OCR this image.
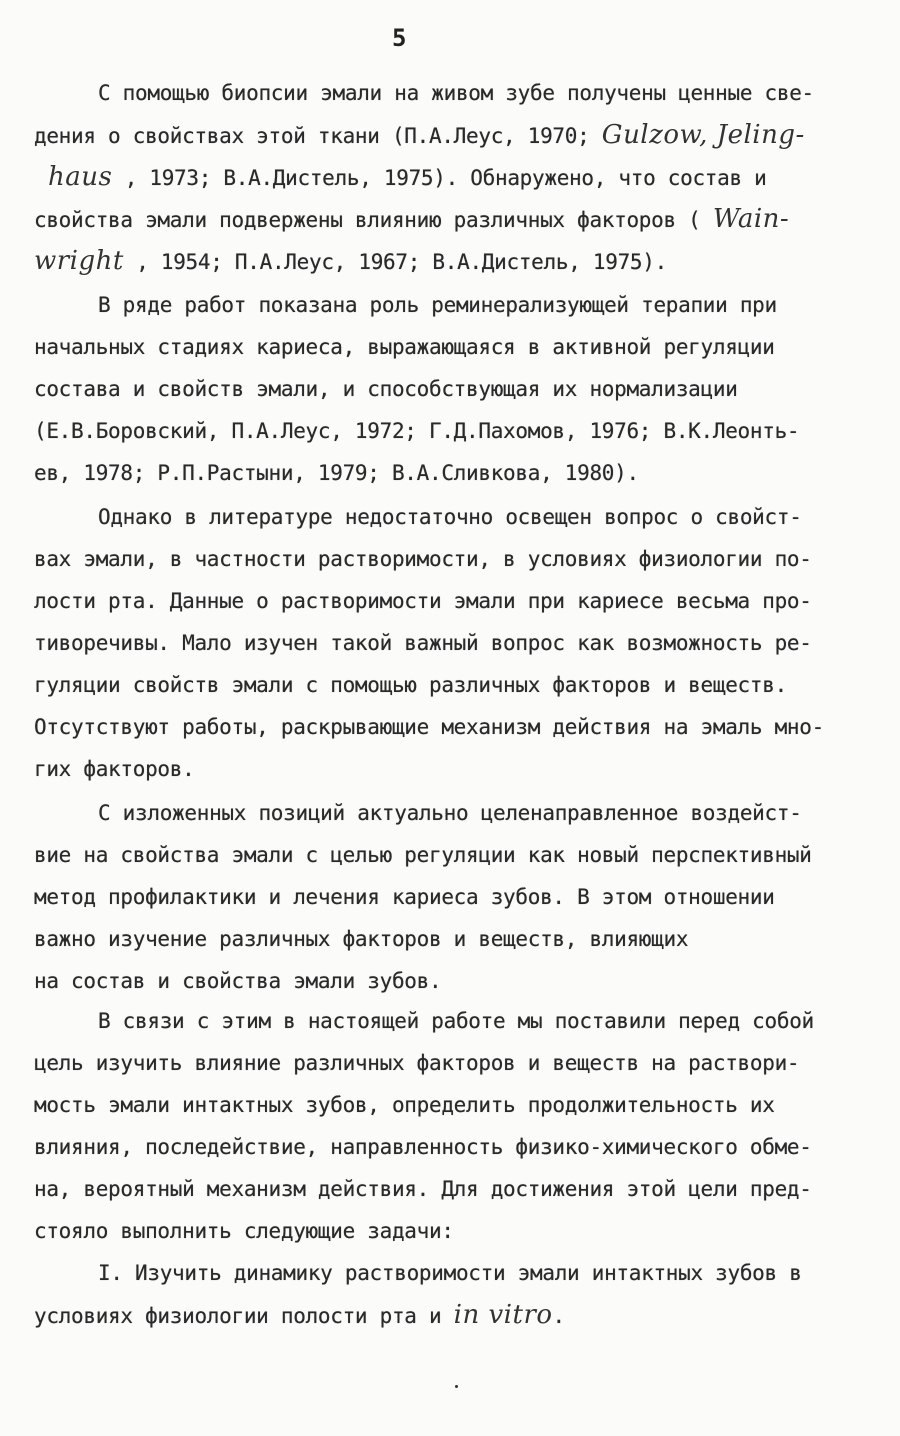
5
С помощью биопсии эмали на живом зубе получены ценные све-
дения о свойствах этой ткани (П.А.Леус, 1970; Gulzow, Jeling-
haus , 1973; В.А.Дистель, 1975). Обнаружено, что состав и
свойства эмали подвержены влиянию различных факторов ( Wain-
wright , 1954; П.А.Леус, 1967; В.А.Дистель, 1975).
В ряде работ показана роль реминерализующей терапии при
начальных стадиях кариеса, выражающаяся в активной регуляции
состава и свойств эмали, и способствующая их нормализации
(Е.В.Боровский, П.А.Леус, 1972; Г.Д.Пахомов, 1976; В.К.Леонть-
ев, 1978; Р.П.Растыни, 1979; В.А.Сливкова, 1980).
Однако в литературе недостаточно освещен вопрос о свойст-
вах эмали, в частности растворимости, в условиях физиологии по-
лости рта. Данные о растворимости эмали при кариесе весьма про-
тиворечивы. Мало изучен такой важный вопрос как возможность ре-
гуляции свойств эмали с помощью различных факторов и веществ.
Отсутствуют работы, раскрывающие механизм действия на эмаль мно-
гих факторов.
С изложенных позиций актуально целенаправленное воздейст-
вие на свойства эмали с целью регуляции как новый перспективный
метод профилактики и лечения кариеса зубов. В этом отношении
важно изучение различных факторов и веществ, влияющих
на состав и свойства эмали зубов.
В связи с этим в настоящей работе мы поставили перед собой
цель изучить влияние различных факторов и веществ на раствори-
мость эмали интактных зубов, определить продолжительность их
влияния, последействие, направленность физико-химического обме-
на, вероятный механизм действия. Для достижения этой цели пред-
стояло выполнить следующие задачи:
I. Изучить динамику растворимости эмали интактных зубов в
условиях физиологии полости рта и in vitro.
